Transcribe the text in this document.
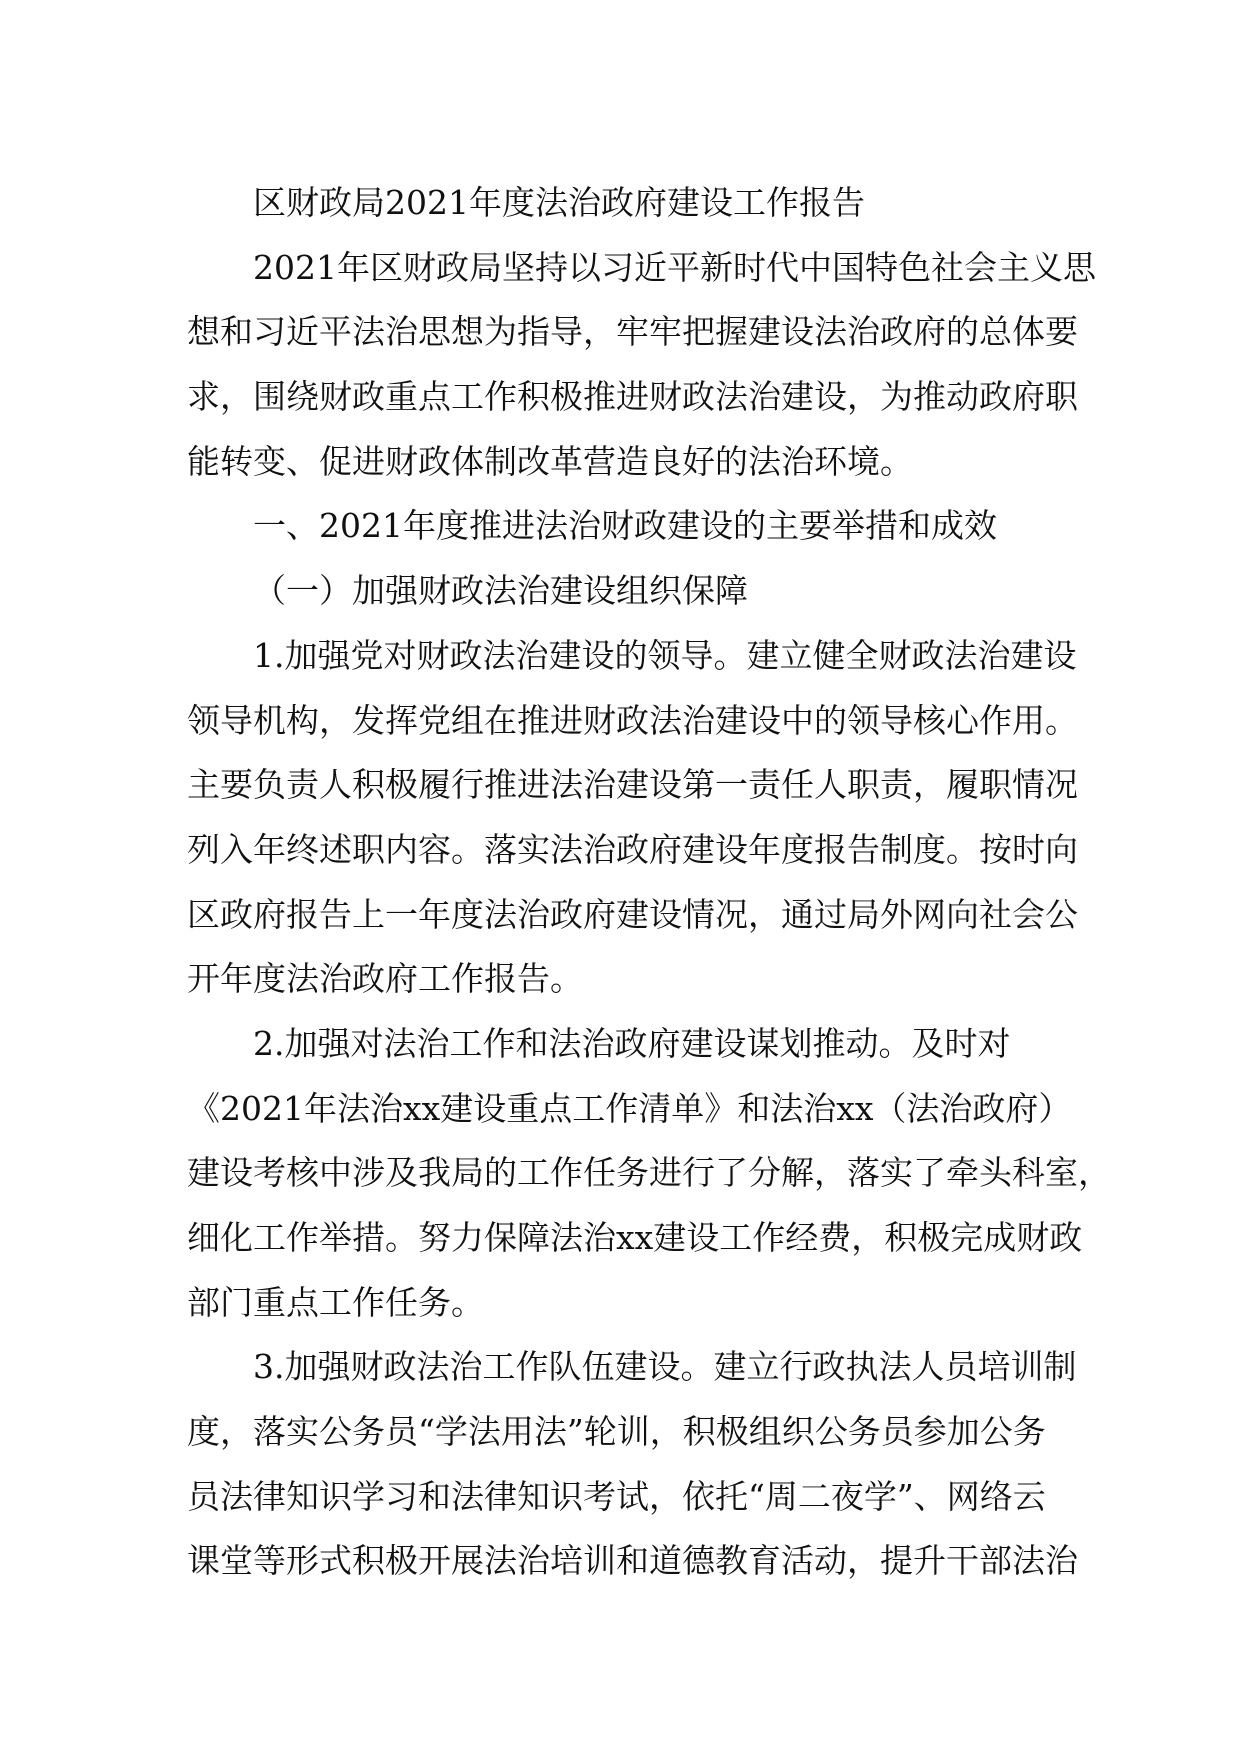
区财政局2021年度法治政府建设工作报告
2021年区财政局坚持以习近平新时代中国特色社会主义思
想和习近平法治思想为指导，牢牢把握建设法治政府的总体要
求，围绕财政重点工作积极推进财政法治建设，为推动政府职
能转变、促进财政体制改革营造良好的法治环境。
一、2021年度推进法治财政建设的主要举措和成效
（一）加强财政法治建设组织保障
1.加强党对财政法治建设的领导。建立健全财政法治建设
领导机构，发挥党组在推进财政法治建设中的领导核心作用。
主要负责人积极履行推进法治建设第一责任人职责，履职情况
列入年终述职内容。落实法治政府建设年度报告制度。按时向
区政府报告上一年度法治政府建设情况，通过局外网向社会公
开年度法治政府工作报告。
2.加强对法治工作和法治政府建设谋划推动。及时对
《2021年法治xx建设重点工作清单》和法治xx（法治政府）
建设考核中涉及我局的工作任务进行了分解，落实了牵头科室，
细化工作举措。努力保障法治xx建设工作经费，积极完成财政
部门重点工作任务。
3.加强财政法治工作队伍建设。建立行政执法人员培训制
度，落实公务员“学法用法”轮训，积极组织公务员参加公务
员法律知识学习和法律知识考试，依托“周二夜学”、网络云
课堂等形式积极开展法治培训和道德教育活动，提升干部法治
